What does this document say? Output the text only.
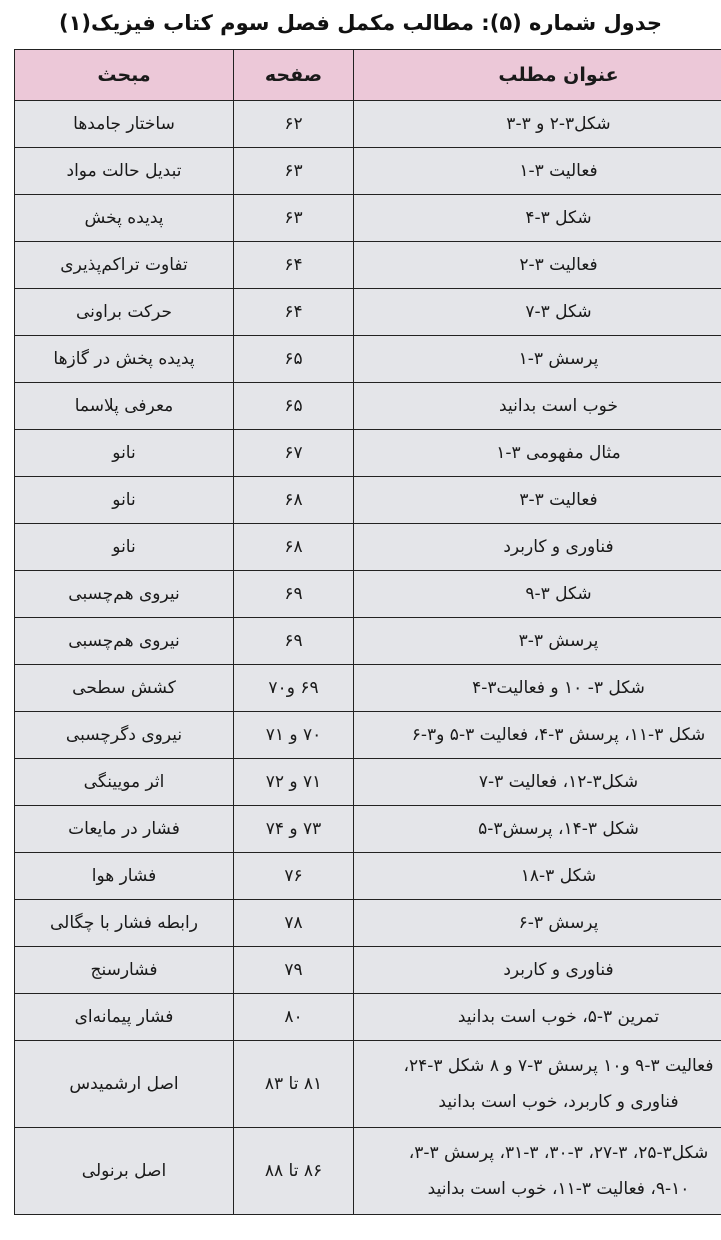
جدول شماره (۵): مطالب مکمل فصل سوم کتاب فیزیک(۱)
عنوان مطلب	صفحه	مبحث
شکل۳-۲ و ۳-۳	۶۲	ساختار جامدها
فعالیت ۳-۱	۶۳	تبدیل حالت مواد
شکل ۳-۴	۶۳	پدیده پخش
فعالیت ۳-۲	۶۴	تفاوت تراکم‌پذیری
شکل ۳-۷	۶۴	حرکت براونی
پرسش ۳-۱	۶۵	پدیده پخش در گازها
خوب است بدانید	۶۵	معرفی پلاسما
مثال مفهومی ۳-۱	۶۷	نانو
فعالیت ۳-۳	۶۸	نانو
فناوری و کاربرد	۶۸	نانو
شکل ۳-۹	۶۹	نیروی هم‌چسبی
پرسش ۳-۳	۶۹	نیروی هم‌چسبی
شکل ۳- ۱۰ و فعالیت۳-۴	۶۹ و۷۰	کشش سطحی
شکل ۳-۱۱، پرسش ۳-۴، فعالیت ۳-۵ و۳-۶	۷۰ و ۷۱	نیروی دگرچسبی
شکل۳-۱۲، فعالیت ۳-۷	۷۱ و ۷۲	اثر مویینگی
شکل ۳-۱۴، پرسش۳-۵	۷۳ و ۷۴	فشار در مایعات
شکل ۳-۱۸	۷۶	فشار هوا
پرسش ۳-۶	۷۸	رابطه فشار با چگالی
فناوری و کاربرد	۷۹	فشارسنج
تمرین ۳-۵، خوب است بدانید	۸۰	فشار پیمانه‌ای

فعالیت ۳-۹ و۱۰ پرسش ۳-۷ و ۸ شکل ۳-۲۴،
فناوری و کاربرد، خوب است بدانید	۸۱ تا ۸۳	اصل ارشمیدس

شکل۳-۲۵، ۳-۲۷، ۳-۳۰، ۳-۳۱، پرسش ۳-۳،
۹-۱۰، فعالیت ۳-۱۱، خوب است بدانید	۸۶ تا ۸۸	اصل برنولی
